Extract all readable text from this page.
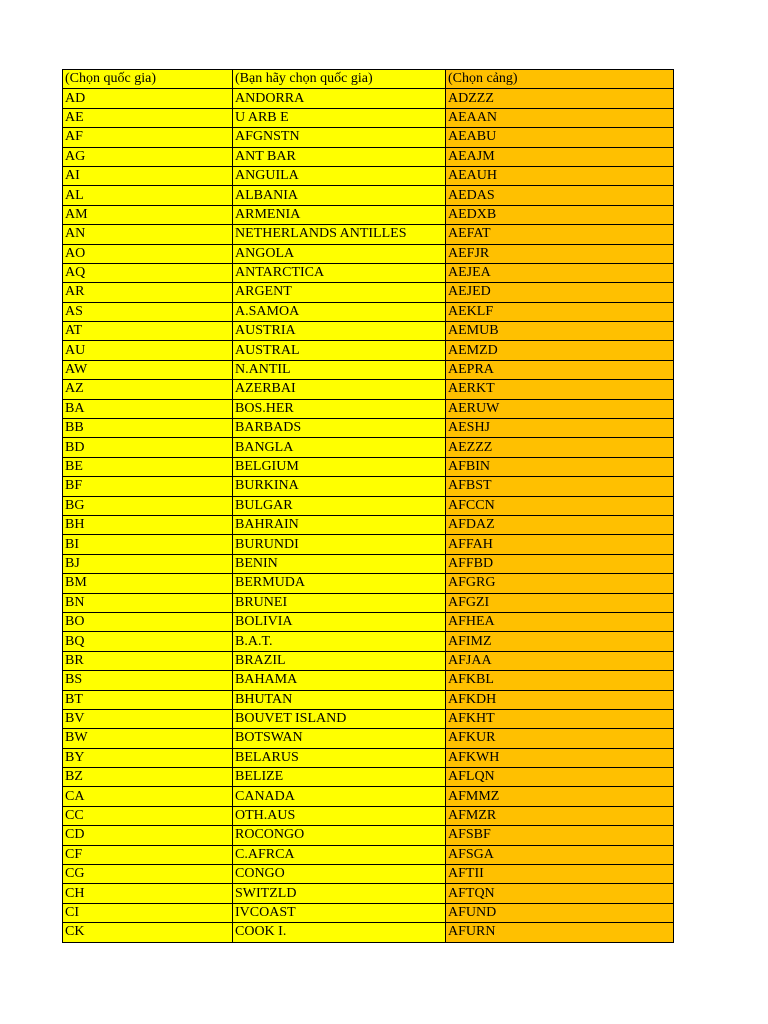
(Chọn quốc gia)	(Bạn hãy chọn quốc gia)	(Chọn cảng)
AD	ANDORRA	ADZZZ
AE	U ARB E	AEAAN
AF	AFGNSTN	AEABU
AG	ANT BAR	AEAJM
AI	ANGUILA	AEAUH
AL	ALBANIA	AEDAS
AM	ARMENIA	AEDXB
AN	NETHERLANDS ANTILLES	AEFAT
AO	ANGOLA	AEFJR
AQ	ANTARCTICA	AEJEA
AR	ARGENT	AEJED
AS	A.SAMOA	AEKLF
AT	AUSTRIA	AEMUB
AU	AUSTRAL	AEMZD
AW	N.ANTIL	AEPRA
AZ	AZERBAI	AERKT
BA	BOS.HER	AERUW
BB	BARBADS	AESHJ
BD	BANGLA	AEZZZ
BE	BELGIUM	AFBIN
BF	BURKINA	AFBST
BG	BULGAR	AFCCN
BH	BAHRAIN	AFDAZ
BI	BURUNDI	AFFAH
BJ	BENIN	AFFBD
BM	BERMUDA	AFGRG
BN	BRUNEI	AFGZI
BO	BOLIVIA	AFHEA
BQ	B.A.T.	AFIMZ
BR	BRAZIL	AFJAA
BS	BAHAMA	AFKBL
BT	BHUTAN	AFKDH
BV	BOUVET ISLAND	AFKHT
BW	BOTSWAN	AFKUR
BY	BELARUS	AFKWH
BZ	BELIZE	AFLQN
CA	CANADA	AFMMZ
CC	OTH.AUS	AFMZR
CD	ROCONGO	AFSBF
CF	C.AFRCA	AFSGA
CG	CONGO	AFTII
CH	SWITZLD	AFTQN
CI	IVCOAST	AFUND
CK	COOK I.	AFURN
